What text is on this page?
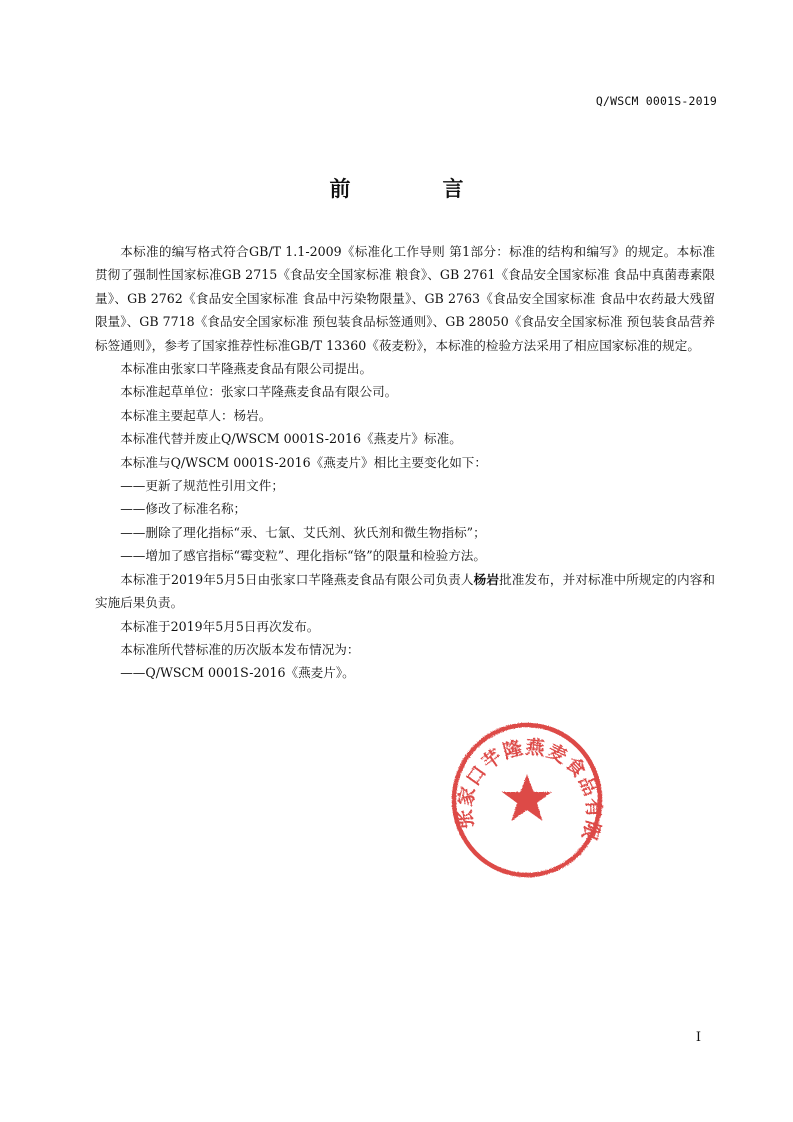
Q/WSCM 0001S-2019
前言

本标准的编写格式符合GB/T 1.1-2009《标准化工作导则 第1部分：标准的结构和编写》的规定。本标准贯彻了强制性国家标准GB 2715《食品安全国家标准 粮食》、GB 2761《食品安全国家标准 食品中真菌毒素限量》、GB 2762《食品安全国家标准 食品中污染物限量》、GB 2763《食品安全国家标准 食品中农药最大残留限量》、GB 7718《食品安全国家标准 预包装食品标签通则》、GB 28050《食品安全国家标准 预包装食品营养标签通则》，参考了国家推荐性标准GB/T 13360《莜麦粉》，本标准的检验方法采用了相应国家标准的规定。

本标准由张家口芊隆燕麦食品有限公司提出。

本标准起草单位：张家口芊隆燕麦食品有限公司。

本标准主要起草人：杨岩。

本标准代替并废止Q/WSCM 0001S-2016《燕麦片》标准。

本标准与Q/WSCM 0001S-2016《燕麦片》相比主要变化如下：

——更新了规范性引用文件；

——修改了标准名称；

——删除了理化指标“汞、七氯、艾氏剂、狄氏剂和微生物指标”；

——增加了感官指标“霉变粒”、理化指标“铬”的限量和检验方法。

本标准于2019年5月5日由张家口芊隆燕麦食品有限公司负责人杨岩批准发布，并对标准中所规定的内容和实施后果负责。

本标准于2019年5月5日再次发布。

本标准所代替标准的历次版本发布情况为：

——Q/WSCM 0001S-2016《燕麦片》。

张家口芊隆燕麦食品有限
I
